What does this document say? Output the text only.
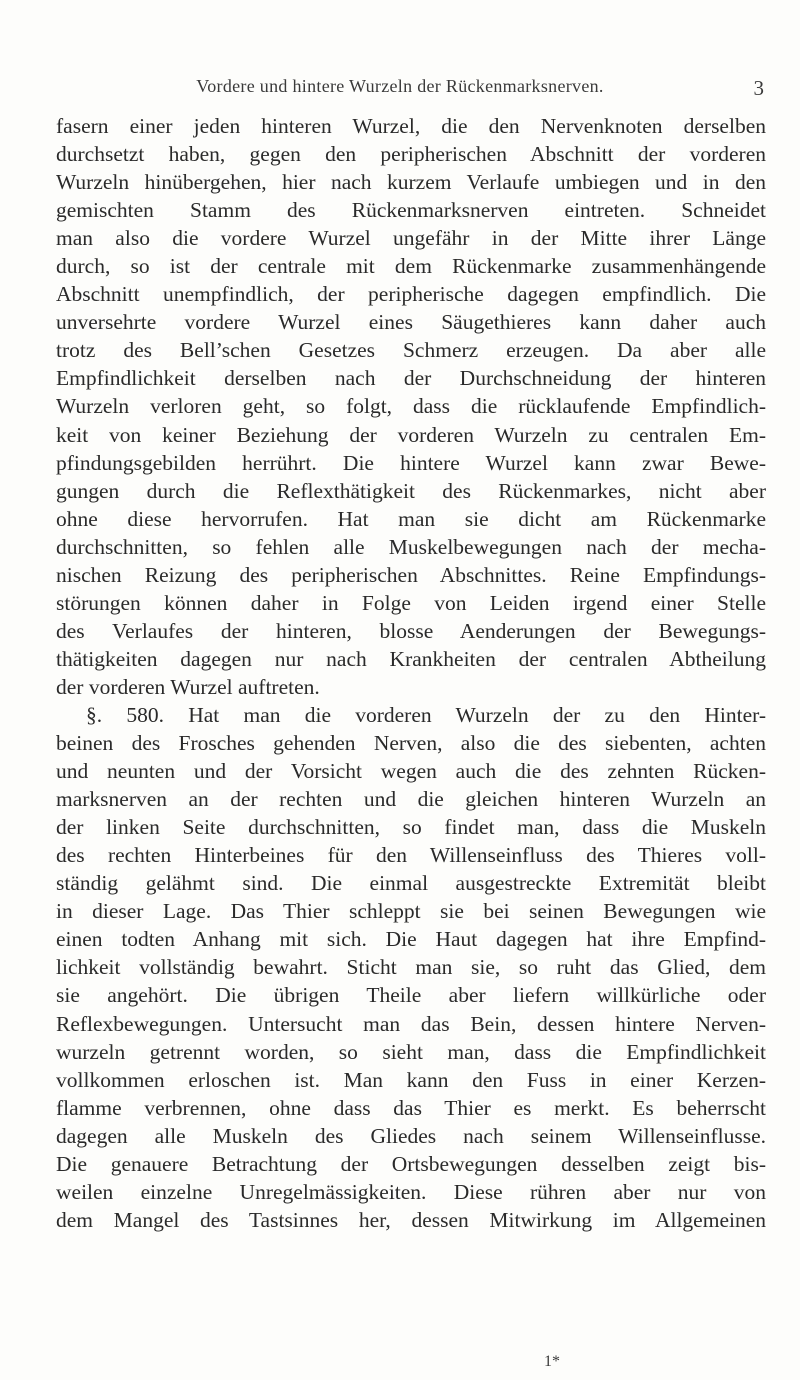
Vordere und hintere Wurzeln der Rückenmarksnerven.	3
fasern einer jeden hinteren Wurzel, die den Nervenknoten derselben
durchsetzt haben, gegen den peripherischen Abschnitt der vorderen
Wurzeln hinübergehen, hier nach kurzem Verlaufe umbiegen und in den
gemischten Stamm des Rückenmarksnerven eintreten. Schneidet
man also die vordere Wurzel ungefähr in der Mitte ihrer Länge
durch, so ist der centrale mit dem Rückenmarke zusammenhängende
Abschnitt unempfindlich, der peripherische dagegen empfindlich. Die
unversehrte vordere Wurzel eines Säugethieres kann daher auch
trotz des Bell’schen Gesetzes Schmerz erzeugen. Da aber alle
Empfindlichkeit derselben nach der Durchschneidung der hinteren
Wurzeln verloren geht, so folgt, dass die rücklaufende Empfindlich-
keit von keiner Beziehung der vorderen Wurzeln zu centralen Em-
pfindungsgebilden herrührt. Die hintere Wurzel kann zwar Bewe-
gungen durch die Reflexthätigkeit des Rückenmarkes, nicht aber
ohne diese hervorrufen. Hat man sie dicht am Rückenmarke
durchschnitten, so fehlen alle Muskelbewegungen nach der mecha-
nischen Reizung des peripherischen Abschnittes. Reine Empfindungs-
störungen können daher in Folge von Leiden irgend einer Stelle
des Verlaufes der hinteren, blosse Aenderungen der Bewegungs-
thätigkeiten dagegen nur nach Krankheiten der centralen Abtheilung
der vorderen Wurzel auftreten.
§. 580. Hat man die vorderen Wurzeln der zu den Hinter-
beinen des Frosches gehenden Nerven, also die des siebenten, achten
und neunten und der Vorsicht wegen auch die des zehnten Rücken-
marksnerven an der rechten und die gleichen hinteren Wurzeln an
der linken Seite durchschnitten, so findet man, dass die Muskeln
des rechten Hinterbeines für den Willenseinfluss des Thieres voll-
ständig gelähmt sind. Die einmal ausgestreckte Extremität bleibt
in dieser Lage. Das Thier schleppt sie bei seinen Bewegungen wie
einen todten Anhang mit sich. Die Haut dagegen hat ihre Empfind-
lichkeit vollständig bewahrt. Sticht man sie, so ruht das Glied, dem
sie angehört. Die übrigen Theile aber liefern willkürliche oder
Reflexbewegungen. Untersucht man das Bein, dessen hintere Nerven-
wurzeln getrennt worden, so sieht man, dass die Empfindlichkeit
vollkommen erloschen ist. Man kann den Fuss in einer Kerzen-
flamme verbrennen, ohne dass das Thier es merkt. Es beherrscht
dagegen alle Muskeln des Gliedes nach seinem Willenseinflusse.
Die genauere Betrachtung der Ortsbewegungen desselben zeigt bis-
weilen einzelne Unregelmässigkeiten. Diese rühren aber nur von
dem Mangel des Tastsinnes her, dessen Mitwirkung im Allgemeinen
1*
